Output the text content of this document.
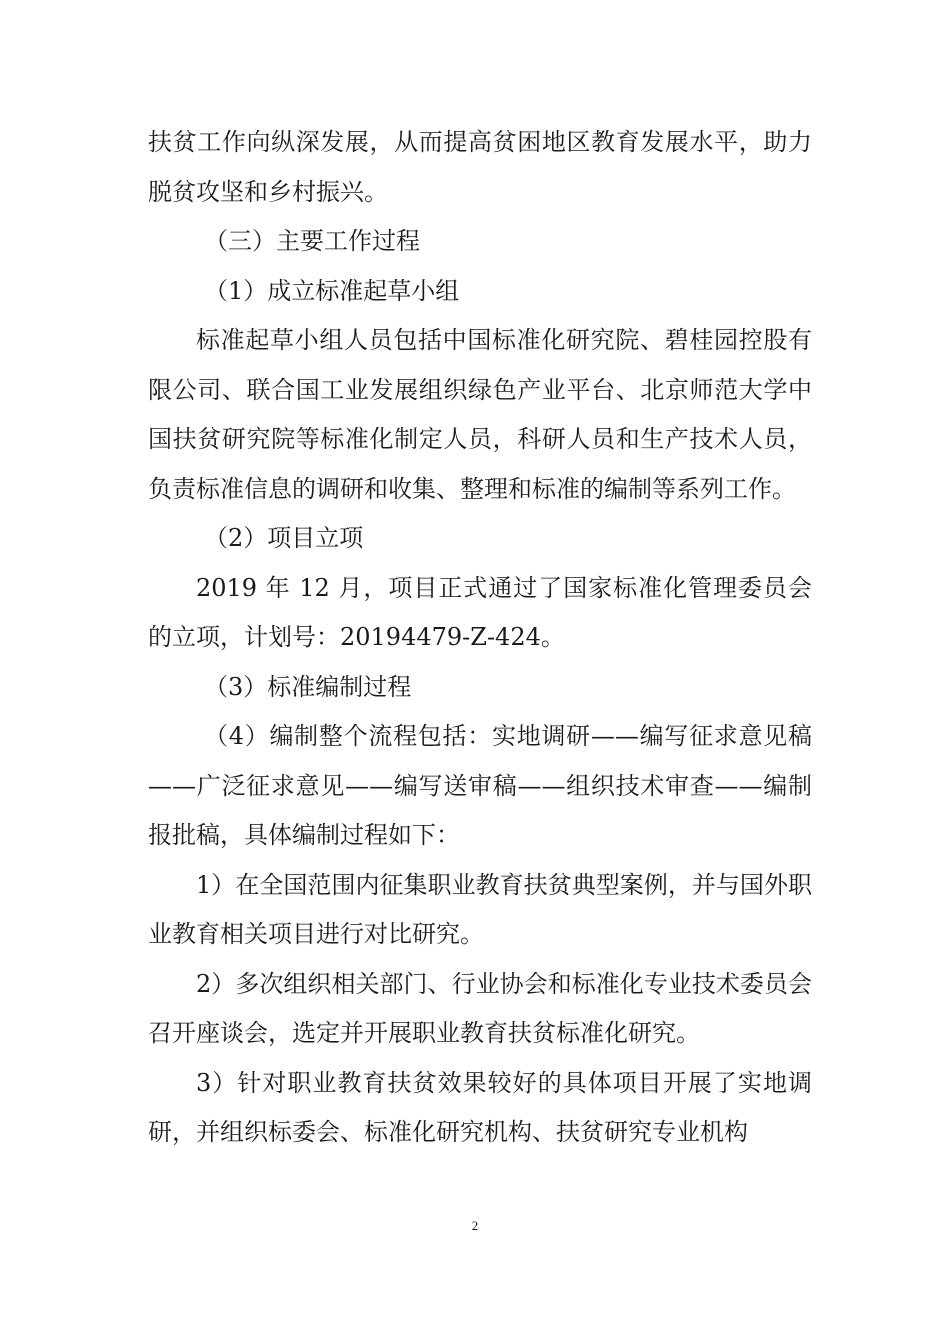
扶贫工作向纵深发展，从而提高贫困地区教育发展水平，助力脱贫攻坚和乡村振兴。

（三）主要工作过程

（1）成立标准起草小组

标准起草小组人员包括中国标准化研究院、碧桂园控股有限公司、联合国工业发展组织绿色产业平台、北京师范大学中国扶贫研究院等标准化制定人员，科研人员和生产技术人员，负责标准信息的调研和收集、整理和标准的编制等系列工作。

（2）项目立项

2019 年 12 月，项目正式通过了国家标准化管理委员会的立项，计划号：20194479-Z-424。

（3）标准编制过程

（4）编制整个流程包括：实地调研——编写征求意见稿——广泛征求意见——编写送审稿——组织技术审查——编制报批稿，具体编制过程如下：

1）在全国范围内征集职业教育扶贫典型案例，并与国外职业教育相关项目进行对比研究。

2）多次组织相关部门、行业协会和标准化专业技术委员会召开座谈会，选定并开展职业教育扶贫标准化研究。

3）针对职业教育扶贫效果较好的具体项目开展了实地调研，并组织标委会、标准化研究机构、扶贫研究专业机构

2
